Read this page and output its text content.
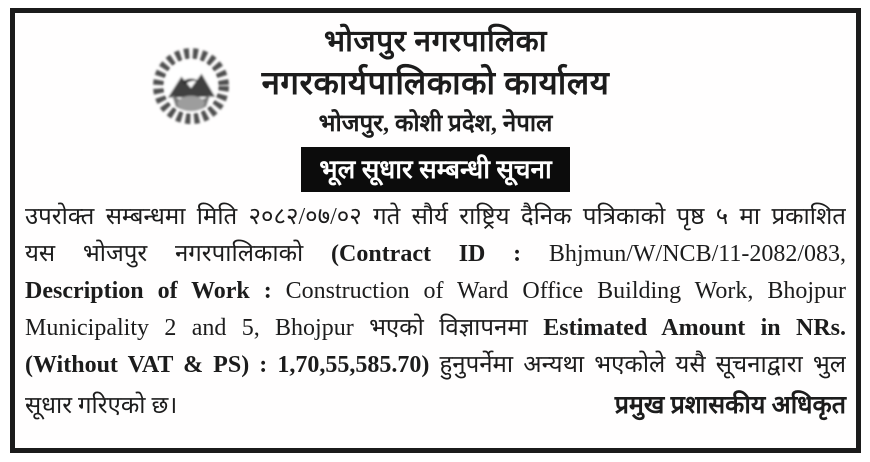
भोजपुर नगरपालिका
नगरकार्यपालिकाको कार्यालय
भोजपुर, कोशी प्रदेश, नेपाल
भूल सूधार सम्बन्धी सूचना
उपरोक्त सम्बन्धमा मिति २०८२/०७/०२ गते सौर्य राष्ट्रिय दैनिक पत्रिकाको पृष्ठ ५ मा प्रकाशित
यस भोजपुर नगरपालिकाको (Contract ID : Bhjmun/W/NCB/11-2082/083,
Description of Work : Construction of Ward Office Building Work, Bhojpur
Municipality 2 and 5, Bhojpur भएको विज्ञापनमा Estimated Amount in NRs.
(Without VAT & PS) : 1,70,55,585.70) हुनुपर्नेमा अन्यथा भएकोले यसै सूचनाद्वारा भुल
सूधार गरिएको छ।	प्रमुख प्रशासकीय अधिकृत
